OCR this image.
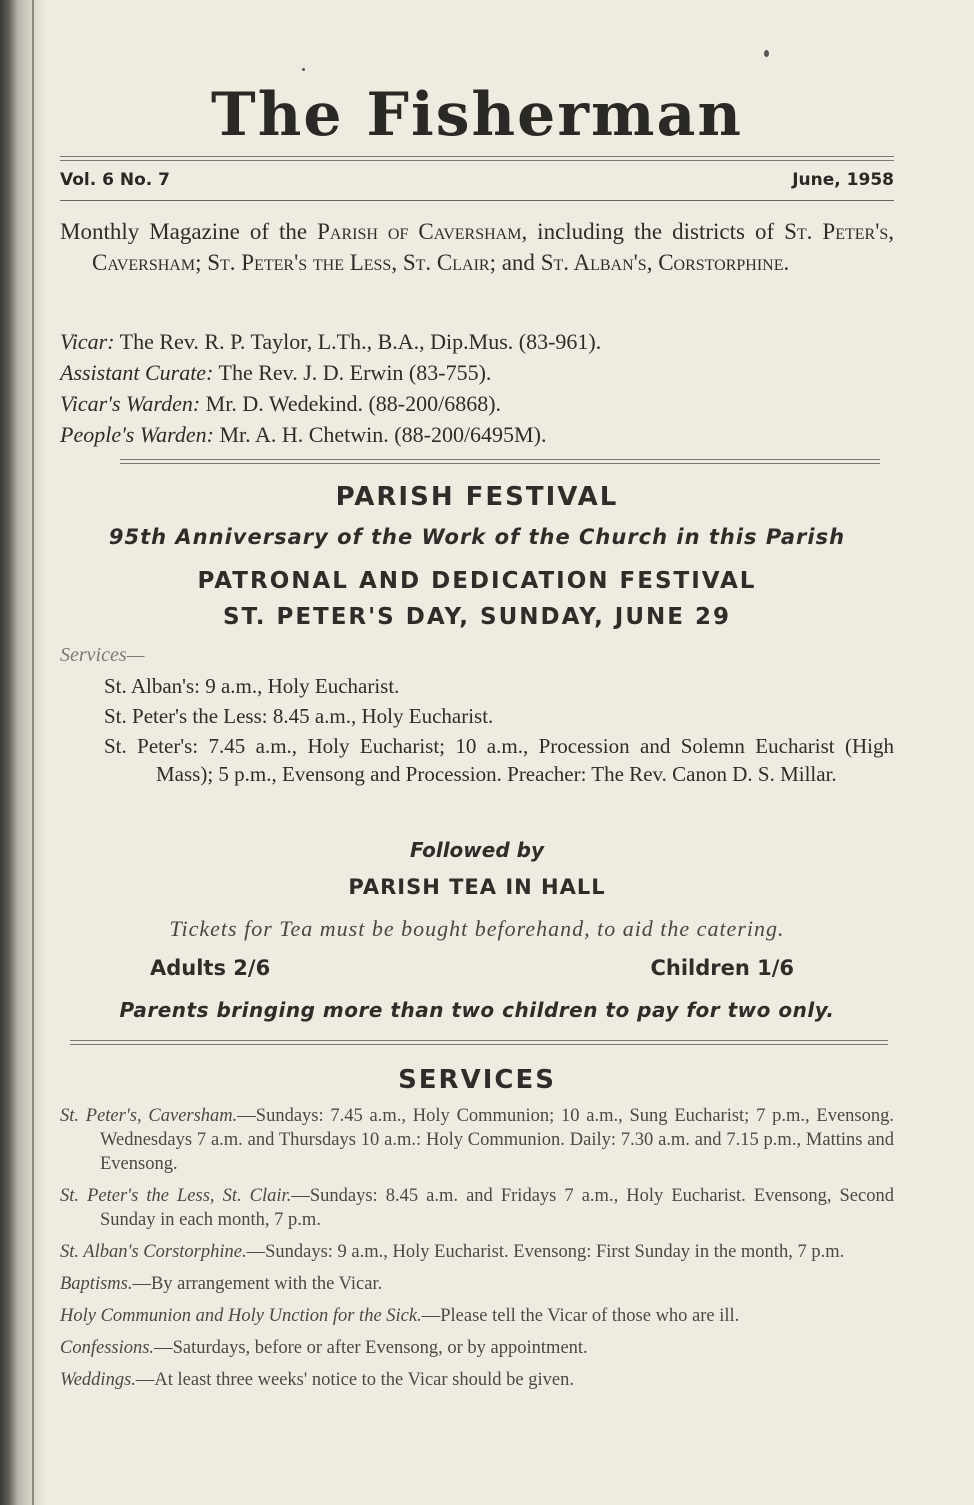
The Fisherman
Vol. 6 No. 7	June, 1958
Monthly Magazine of the Parish of Caversham, including the districts of St. Peter's, Caversham; St. Peter's the Less, St. Clair; and St. Alban's, Corstorphine.
Vicar: The Rev. R. P. Taylor, L.Th., B.A., Dip.Mus. (83-961).
Assistant Curate: The Rev. J. D. Erwin (83-755).
Vicar's Warden: Mr. D. Wedekind. (88-200/6868).
People's Warden: Mr. A. H. Chetwin. (88-200/6495M).
PARISH FESTIVAL
95th Anniversary of the Work of the Church in this Parish
PATRONAL AND DEDICATION FESTIVAL
ST. PETER'S DAY, SUNDAY, JUNE 29
Services—
St. Alban's: 9 a.m., Holy Eucharist.
St. Peter's the Less: 8.45 a.m., Holy Eucharist.
St. Peter's: 7.45 a.m., Holy Eucharist; 10 a.m., Procession and Solemn Eucharist (High Mass); 5 p.m., Evensong and Procession. Preacher: The Rev. Canon D. S. Millar.
Followed by
PARISH TEA IN HALL
Tickets for Tea must be bought beforehand, to aid the catering.
Adults 2/6	Children 1/6
Parents bringing more than two children to pay for two only.
SERVICES

St. Peter's, Caversham.—Sundays: 7.45 a.m., Holy Communion; 10 a.m., Sung Eucharist; 7 p.m., Evensong. Wednesdays 7 a.m. and Thursdays 10 a.m.: Holy Communion. Daily: 7.30 a.m. and 7.15 p.m., Mattins and Evensong.

St. Peter's the Less, St. Clair.—Sundays: 8.45 a.m. and Fridays 7 a.m., Holy Eucharist. Evensong, Second Sunday in each month, 7 p.m.

St. Alban's Corstorphine.—Sundays: 9 a.m., Holy Eucharist. Evensong: First Sunday in the month, 7 p.m.

Baptisms.—By arrangement with the Vicar.

Holy Communion and Holy Unction for the Sick.—Please tell the Vicar of those who are ill.

Confessions.—Saturdays, before or after Evensong, or by appointment.

Weddings.—At least three weeks' notice to the Vicar should be given.
